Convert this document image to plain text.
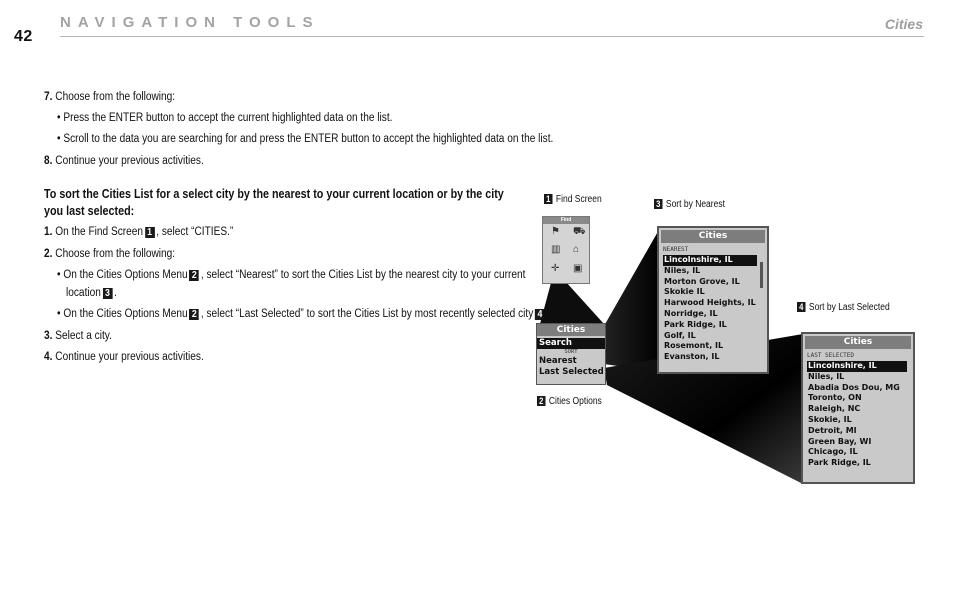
42
NAVIGATION TOOLS	Cities
7. Choose from the following:
• Press the ENTER button to accept the current highlighted data on the list.
• Scroll to the data you are searching for and press the ENTER button to accept the highlighted data on the list.
8. Continue your previous activities.
To sort the Cities List for a select city by the nearest to your current location or by the city
you last selected:
1. On the Find Screen 1 , select “CITIES.”
2. Choose from the following:
• On the Cities Options Menu 2 , select “Nearest” to sort the Cities List by the nearest city to your current
location 3 .
• On the Cities Options Menu 2 , select “Last Selected” to sort the Cities List by most recently selected city 4
3. Select a city.
4. Continue your previous activities.
1 Find Screen	3 Sort by Nearest
4 Sort by Last Selected
2 Cities Options
Find
⚑ ⛟
▥ ⌂
✛ ▣
Cities
Search
SORT
Nearest
Last Selected
Cities
NEAREST
Lincolnshire, IL
Niles, IL
Morton Grove, IL
Skokie IL
Harwood Heights, IL
Norridge, IL
Park Ridge, IL
Golf, IL
Rosemont, IL
Evanston, IL
Cities
LAST SELECTED
Lincolnshire, IL
Niles, IL
Abadia Dos Dou, MG
Toronto, ON
Raleigh, NC
Skokie, IL
Detroit, MI
Green Bay, WI
Chicago, IL
Park Ridge, IL
